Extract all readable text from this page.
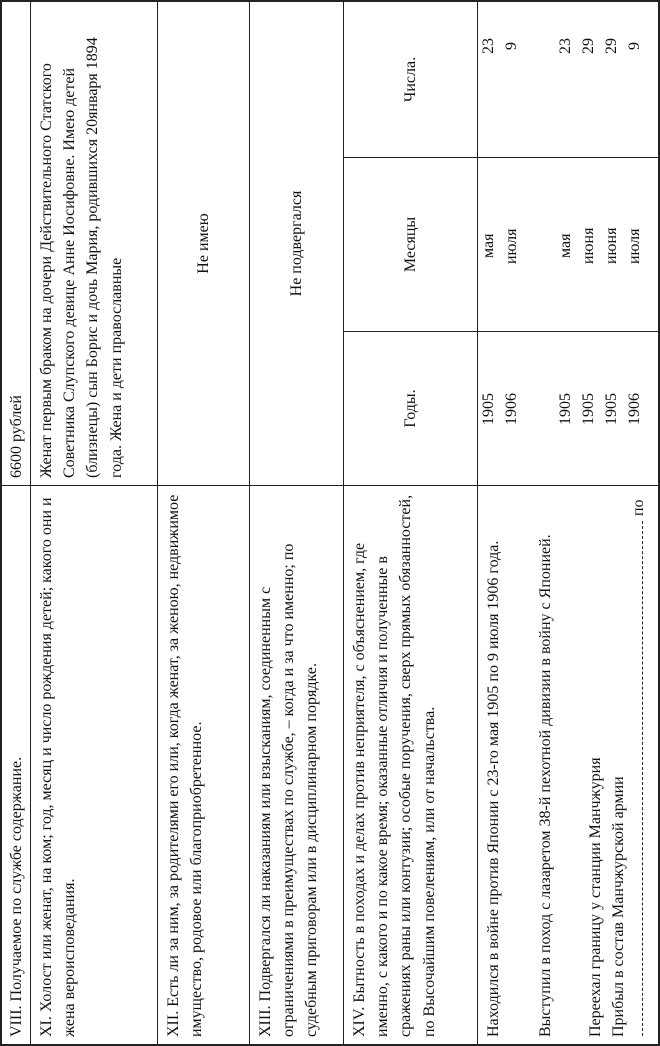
VIII. Получаемое по службе содержание.
6600 рублей
XI. Холост или женат, на ком; год, месяц и число рождения детей; какого они и жена вероисповедания.
Женат первым браком на дочери Действительного Статского Советника Слупского девице Анне Иосифовне. Имею детей (близнецы) сын Борис и дочь Мария, родившихся 20января 1894 года. Жена и дети православные
XII. Есть ли за ним, за родителями его или, когда женат, за женою, недвижимое имущество, родовое или благоприобретенное.
Не имею
XIII. Подвергался ли наказаниям или взысканиям, соединенным с ограничениями в преимуществах по службе, – когда и за что именно; по судебным приговорам или в дисциплинарном порядке.
Не подвергался
XIV. Бытность в походах и делах против неприятеля, с объяснением, где именно, с какого и по какое время; оказанные отличия и полученные в сражениях раны или контузии; особые поручения, сверх прямых обязанностей, по Высочайшим повелениям, или от начальства.
Годы.
Месяцы
Числа.
Находился в войне против Японии с 23-го мая 1905 по 9 июля 1906 года.	Выступил в поход с лазаретом 38-й пехотной дивизии в войну с Японией.	Переехал границу у станции Манчжурия Прибыл в состав Манчжурской армии
по
1905 1906 1905 1905 1905 1906
мая июля мая июня июня июля
23 9 23 29 29 9
